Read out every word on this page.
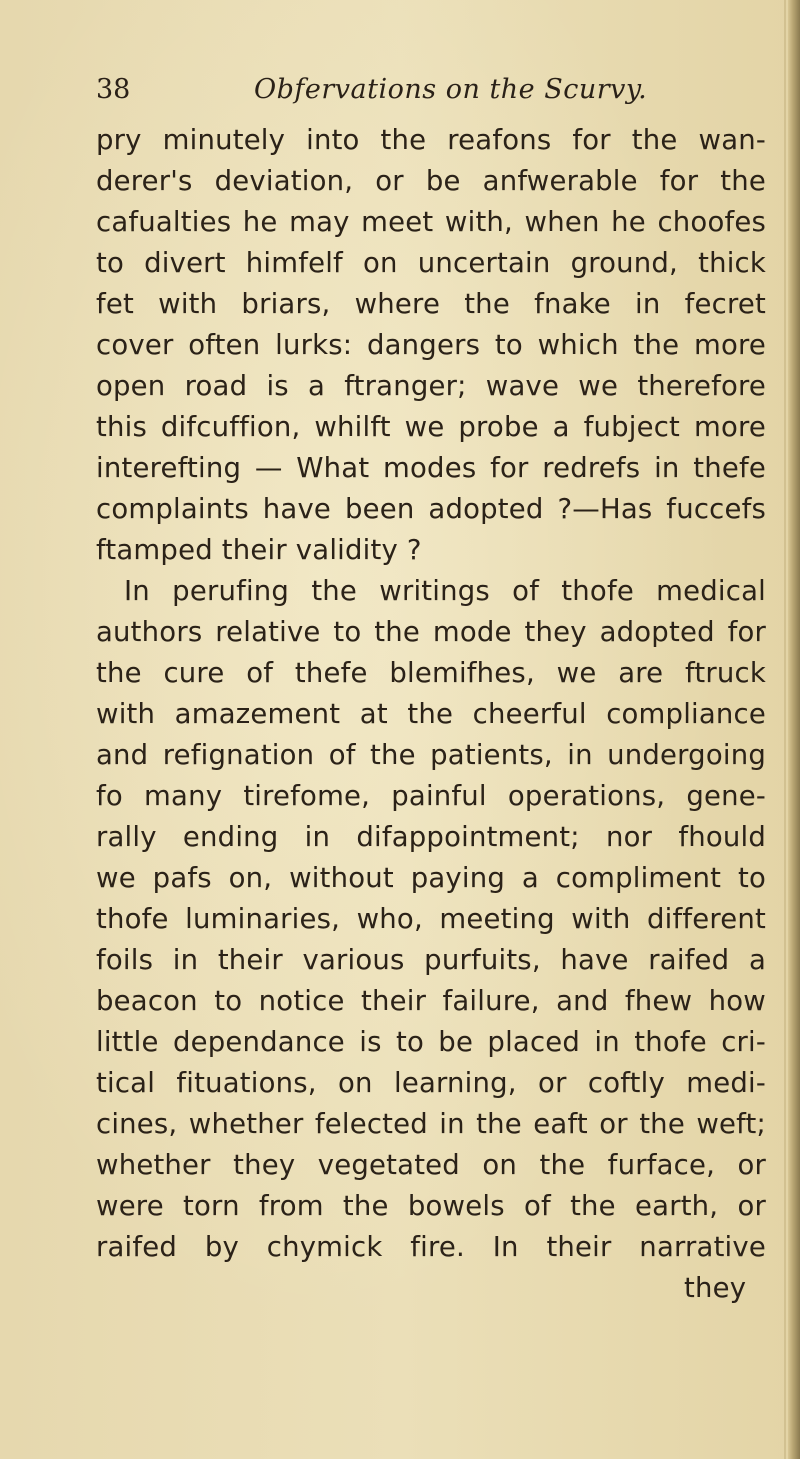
38	Obfervations on the Scurvy.
pry minutely into the reafons for the wan-
derer's deviation, or be anfwerable for the
cafualties he may meet with, when he choofes
to divert himfelf on uncertain ground, thick
fet with briars, where the fnake in fecret
cover often lurks: dangers to which the more
open road is a ftranger; wave we therefore
this difcuffion, whilft we probe a fubject more
interefting — What modes for redrefs in thefe
complaints have been adopted ?—Has fuccefs
ftamped their validity ?
In perufing the writings of thofe medical
authors relative to the mode they adopted for
the cure of thefe blemifhes, we are ftruck
with amazement at the cheerful compliance
and refignation of the patients, in undergoing
fo many tirefome, painful operations, gene-
rally ending in difappointment; nor fhould
we pafs on, without paying a compliment to
thofe luminaries, who, meeting with different
foils in their various purfuits, have raifed a
beacon to notice their failure, and fhew how
little dependance is to be placed in thofe cri-
tical fituations, on learning, or coftly medi-
cines, whether felected in the eaft or the weft;
whether they vegetated on the furface, or
were torn from the bowels of the earth, or
raifed by chymick fire. In their narrative
they
